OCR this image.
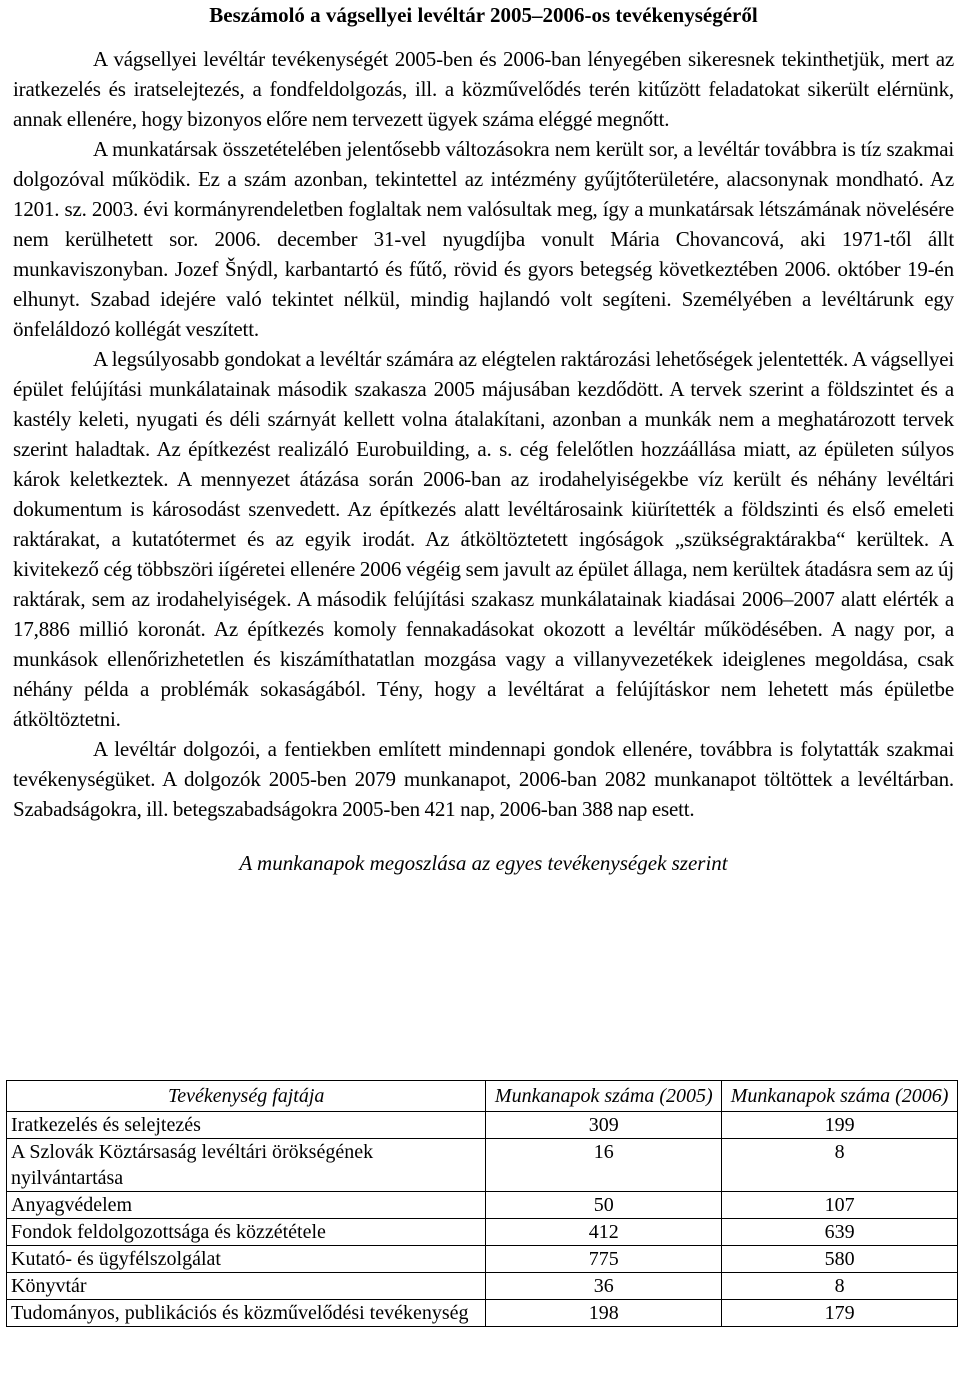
Beszámoló a vágsellyei levéltár 2005–2006-os tevékenységéről

A vágsellyei levéltár tevékenységét 2005-ben és 2006-ban lényegében sikeresnek tekinthetjük, mert az iratkezelés és iratselejtezés, a fondfeldolgozás, ill. a közművelődés terén kitűzött feladatokat sikerült elérnünk, annak ellenére, hogy bizonyos előre nem tervezett ügyek száma eléggé megnőtt.

A munkatársak összetételében jelentősebb változásokra nem került sor, a levéltár továbbra is tíz szakmai dolgozóval működik. Ez a szám azonban, tekintettel az intézmény gyűjtőterületére, alacsonynak mondható. Az 1201. sz. 2003. évi kormányrendeletben foglaltak nem valósultak meg, így a munkatársak létszámának növelésére nem kerülhetett sor. 2006. december 31-vel nyugdíjba vonult Mária Chovancová, aki 1971-től állt munkaviszonyban. Jozef Šnýdl, karbantartó és fűtő, rövid és gyors betegség következtében 2006. október 19-én elhunyt. Szabad idejére való tekintet nélkül, mindig hajlandó volt segíteni. Személyében a levéltárunk egy önfeláldozó kollégát veszített.

A legsúlyosabb gondokat a levéltár számára az elégtelen raktározási lehetőségek jelentették. A vágsellyei épület felújítási munkálatainak második szakasza 2005 májusában kezdődött. A tervek szerint a földszintet és a kastély keleti, nyugati és déli szárnyát kellett volna átalakítani, azonban a munkák nem a meghatározott tervek szerint haladtak. Az építkezést realizáló Eurobuilding, a. s. cég felelőtlen hozzáállása miatt, az épületen súlyos károk keletkeztek. A mennyezet átázása során 2006-ban az irodahelyiségekbe víz került és néhány levéltári dokumentum is károsodást szenvedett. Az építkezés alatt levéltárosaink kiürítették a földszinti és első emeleti raktárakat, a kutatótermet és az egyik irodát. Az átköltöztetett ingóságok „szükségraktárakba“ kerültek. A kivitekező cég többszöri iígéretei ellenére 2006 végéig sem javult az épület állaga, nem kerültek átadásra sem az új raktárak, sem az irodahelyiségek. A második felújítási szakasz munkálatainak kiadásai 2006–2007 alatt elérték a 17,886 millió koronát. Az építkezés komoly fennakadásokat okozott a levéltár működésében. A nagy por, a munkások ellenőrizhetetlen és kiszámíthatatlan mozgása vagy a villanyvezetékek ideiglenes megoldása, csak néhány példa a problémák sokaságából. Tény, hogy a levéltárat a felújításkor nem lehetett más épületbe átköltöztetni.

A levéltár dolgozói, a fentiekben említett mindennapi gondok ellenére, továbbra is folytatták szakmai tevékenységüket. A dolgozók 2005-ben 2079 munkanapot, 2006-ban 2082 munkanapot töltöttek a levéltárban. Szabadságokra, ill. betegszabadságokra 2005-ben 421 nap, 2006-ban 388 nap esett.

A munkanapok megoszlása az egyes tevékenységek szerint

Tevékenység fajtája	Munkanapok száma (2005)	Munkanapok száma (2006)
Iratkezelés és selejtezés	309	199
A Szlovák Köztársaság levéltári örökségének nyilvántartása	16	8
Anyagvédelem	50	107
Fondok feldolgozottsága és közzététele	412	639
Kutató- és ügyfélszolgálat	775	580
Könyvtár	36	8
Tudományos, publikációs és közművelődési tevékenység	198	179
